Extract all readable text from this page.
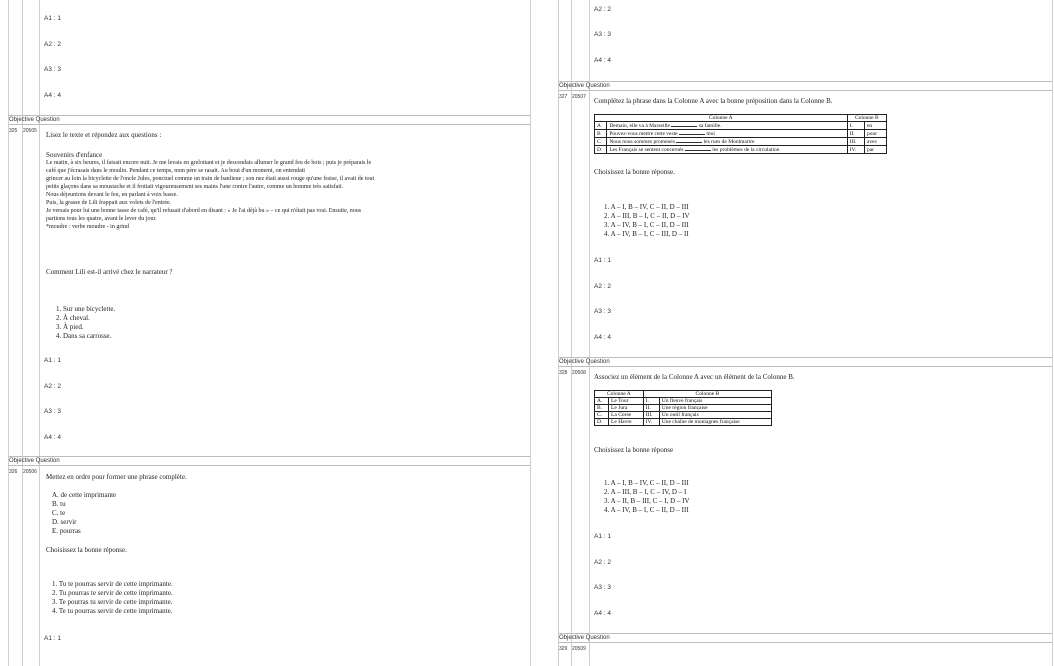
A1 : 1
A2 : 2
A3 : 3
A4 : 4
Objective Question
325 20505 Lisez le texte et répondez aux questions :
Souvenirs d'enfance
Le matin, à six heures, il faisait encore nuit. Je me levais en grelottant et je descendais allumer le grand feu de bois ; puis je préparais le
café que j'écrasais dans le moulin. Pendant ce temps, mon père se rasait. Au bout d'un moment, on entendait
grincer au loin la bicyclette de l'oncle Jules, ponctuel comme un train de banlieue ; son nez était aussi rouge qu'une fraise, il avait de tout
petits glaçons dans sa moustache et il frottait vigoureusement ses mains l'une contre l'autre, comme un homme très satisfait.
Nous déjeunions devant le feu, en parlant à voix basse.
Puis, la grasse de Lili frappait aux volets de l'entrée.
Je versais pour lui une bonne tasse de café, qu'il refusait d'abord en disant : « Je l'ai déjà bu » – ce qui n'était pas vrai. Ensuite, nous
partions tous les quatre, avant le lever du jour.
*moudre : verbe moudre - in grind
Comment Lili est-il arrivé chez le narrateur ?
1. Sur une bicyclette.
2. À cheval.
3. À pied.
4. Dans sa carrosse.
A1 : 1
A2 : 2
A3 : 3
A4 : 4
Objective Question
326 20506
Mettez en ordre pour former une phrase complète.
A. de cette imprimante
B. tu
C. te
D. servir
E. pourras
Choisissez la bonne réponse.
1. Tu te pourras servir de cette imprimante.
2. Tu pourras te servir de cette imprimante.
3. Te pourras tu servir de cette imprimante.
4. Te tu pourras servir de cette imprimante.
A1 : 1
A2 : 2
A3 : 3
A4 : 4
Objective Question
327 20507 Complétez la phrase dans la Colonne A avec la bonne préposition dans la Colonne B.
Colonne A		Colonne B	
A	Demain, elle va à Marseille sa famille.	I.	en
B	Pouvez-vous mettre cette veste moi	II.	pour
C	Nous nous sommes promenés les rues de Montmartre	III.	avec
D	Les Français se sentent concernés les problèmes de la circulation	IV.	par
Choisissez la bonne réponse.
1. A – I, B – IV, C – II, D – III
2. A – III, B – I, C – II, D – IV
3. A – IV, B – I, C – II, D – III
4. A – IV, B – I, C – III, D – II
A1 : 1
A2 : 2
A3 : 3
A4 : 4
Objective Question
328 20508 Associez un élément de la Colonne A avec un élément de la Colonne B.
Colonne A		Colonne B	
A.	Le Tour	I.	Un fleuve français
B.	Le Jura	II.	Une région française
C.	La Corse	III.	Un outil français
D.	Le Havre	IV.	Une chaîne de montagnes française
Choisissez la bonne réponse
1. A – I, B – IV, C – II, D – III
2. A – III, B – I, C – IV, D – I
3. A – II, B – III, C – I, D – IV
4. A – IV, B – I, C – II, D – III
A1 : 1
A2 : 2
A3 : 3
A4 : 4
Objective Question
329 20509
